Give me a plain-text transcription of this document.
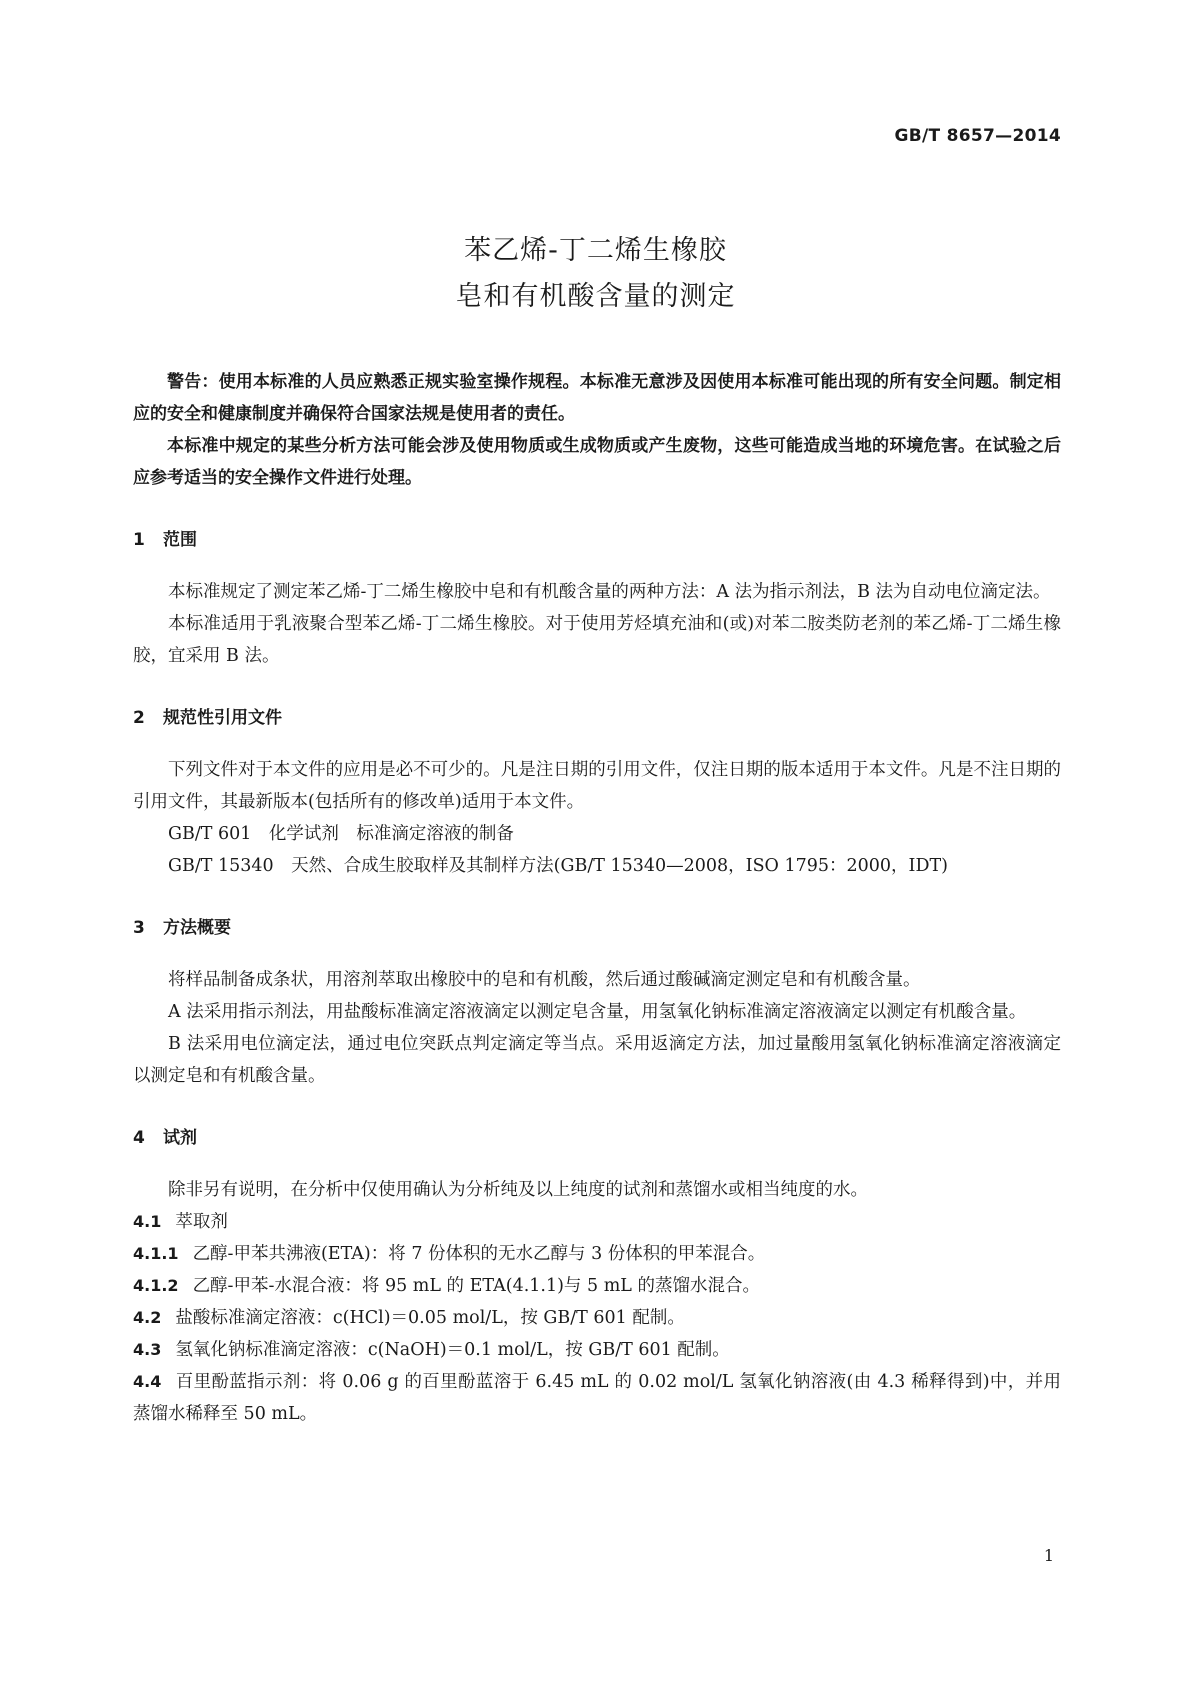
GB/T 8657—2014
苯乙烯-丁二烯生橡胶
皂和有机酸含量的测定

警告：使用本标准的人员应熟悉正规实验室操作规程。本标准无意涉及因使用本标准可能出现的所有安全问题。制定相应的安全和健康制度并确保符合国家法规是使用者的责任。

本标准中规定的某些分析方法可能会涉及使用物质或生成物质或产生废物，这些可能造成当地的环境危害。在试验之后应参考适当的安全操作文件进行处理。

1 范围

本标准规定了测定苯乙烯-丁二烯生橡胶中皂和有机酸含量的两种方法：A 法为指示剂法，B 法为自动电位滴定法。

本标准适用于乳液聚合型苯乙烯-丁二烯生橡胶。对于使用芳烃填充油和(或)对苯二胺类防老剂的苯乙烯-丁二烯生橡胶，宜采用 B 法。

2 规范性引用文件

下列文件对于本文件的应用是必不可少的。凡是注日期的引用文件，仅注日期的版本适用于本文件。凡是不注日期的引用文件，其最新版本(包括所有的修改单)适用于本文件。

GB/T 601 化学试剂　标准滴定溶液的制备

GB/T 15340 天然、合成生胶取样及其制样方法(GB/T 15340—2008，ISO 1795：2000，IDT)

3 方法概要

将样品制备成条状，用溶剂萃取出橡胶中的皂和有机酸，然后通过酸碱滴定测定皂和有机酸含量。

A 法采用指示剂法，用盐酸标准滴定溶液滴定以测定皂含量，用氢氧化钠标准滴定溶液滴定以测定有机酸含量。

B 法采用电位滴定法，通过电位突跃点判定滴定等当点。采用返滴定方法，加过量酸用氢氧化钠标准滴定溶液滴定以测定皂和有机酸含量。

4 试剂

除非另有说明，在分析中仅使用确认为分析纯及以上纯度的试剂和蒸馏水或相当纯度的水。

4.1 萃取剂

4.1.1 乙醇-甲苯共沸液(ETA)：将 7 份体积的无水乙醇与 3 份体积的甲苯混合。

4.1.2 乙醇-甲苯-水混合液：将 95 mL 的 ETA(4.1.1)与 5 mL 的蒸馏水混合。

4.2 盐酸标准滴定溶液：c(HCl)＝0.05 mol/L，按 GB/T 601 配制。

4.3 氢氧化钠标准滴定溶液：c(NaOH)＝0.1 mol/L，按 GB/T 601 配制。

4.4 百里酚蓝指示剂：将 0.06 g 的百里酚蓝溶于 6.45 mL 的 0.02 mol/L 氢氧化钠溶液(由 4.3 稀释得到)中，并用蒸馏水稀释至 50 mL。

1
